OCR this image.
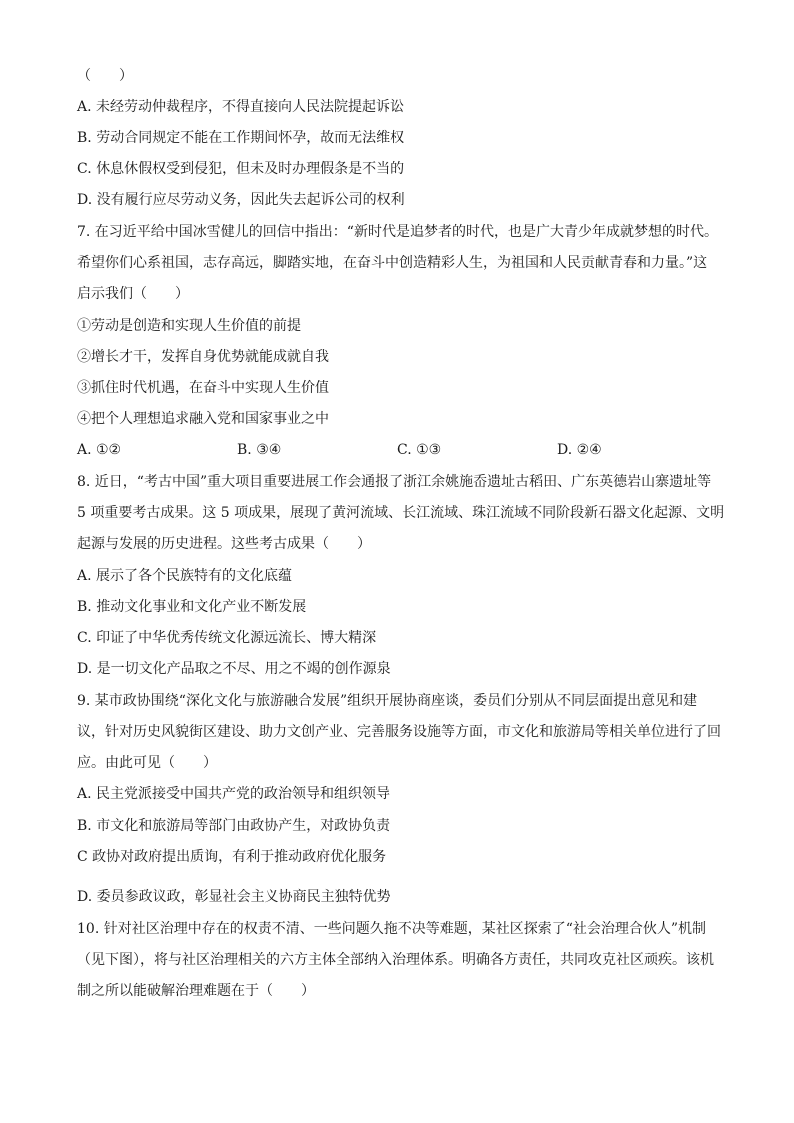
（　　）
A. 未经劳动仲裁程序，不得直接向人民法院提起诉讼
B. 劳动合同规定不能在工作期间怀孕，故而无法维权
C. 休息休假权受到侵犯，但未及时办理假条是不当的
D. 没有履行应尽劳动义务，因此失去起诉公司的权利
7. 在习近平给中国冰雪健儿的回信中指出：“新时代是追梦者的时代，也是广大青少年成就梦想的时代。
希望你们心系祖国，志存高远，脚踏实地，在奋斗中创造精彩人生，为祖国和人民贡献青春和力量。”这
启示我们（　　）
①劳动是创造和实现人生价值的前提
②增长才干，发挥自身优势就能成就自我
③抓住时代机遇，在奋斗中实现人生价值
④把个人理想追求融入党和国家事业之中
A. ①②	B. ③④	C. ①③	D. ②④
8. 近日，“考古中国”重大项目重要进展工作会通报了浙江余姚施岙遗址古稻田、广东英德岩山寨遗址等
5 项重要考古成果。这 5 项成果，展现了黄河流域、长江流域、珠江流域不同阶段新石器文化起源、文明
起源与发展的历史进程。这些考古成果（　　）
A. 展示了各个民族特有的文化底蕴
B. 推动文化事业和文化产业不断发展
C. 印证了中华优秀传统文化源远流长、博大精深
D. 是一切文化产品取之不尽、用之不竭的创作源泉
9. 某市政协围绕“深化文化与旅游融合发展”组织开展协商座谈，委员们分别从不同层面提出意见和建
议，针对历史风貌街区建设、助力文创产业、完善服务设施等方面，市文化和旅游局等相关单位进行了回
应。由此可见（　　）
A. 民主党派接受中国共产党的政治领导和组织领导
B. 市文化和旅游局等部门由政协产生，对政协负责
C 政协对政府提出质询，有利于推动政府优化服务
D. 委员参政议政，彰显社会主义协商民主独特优势
10. 针对社区治理中存在的权责不清、一些问题久拖不决等难题，某社区探索了“社会治理合伙人”机制
（见下图），将与社区治理相关的六方主体全部纳入治理体系。明确各方责任，共同攻克社区顽疾。该机
制之所以能破解治理难题在于（　　）
